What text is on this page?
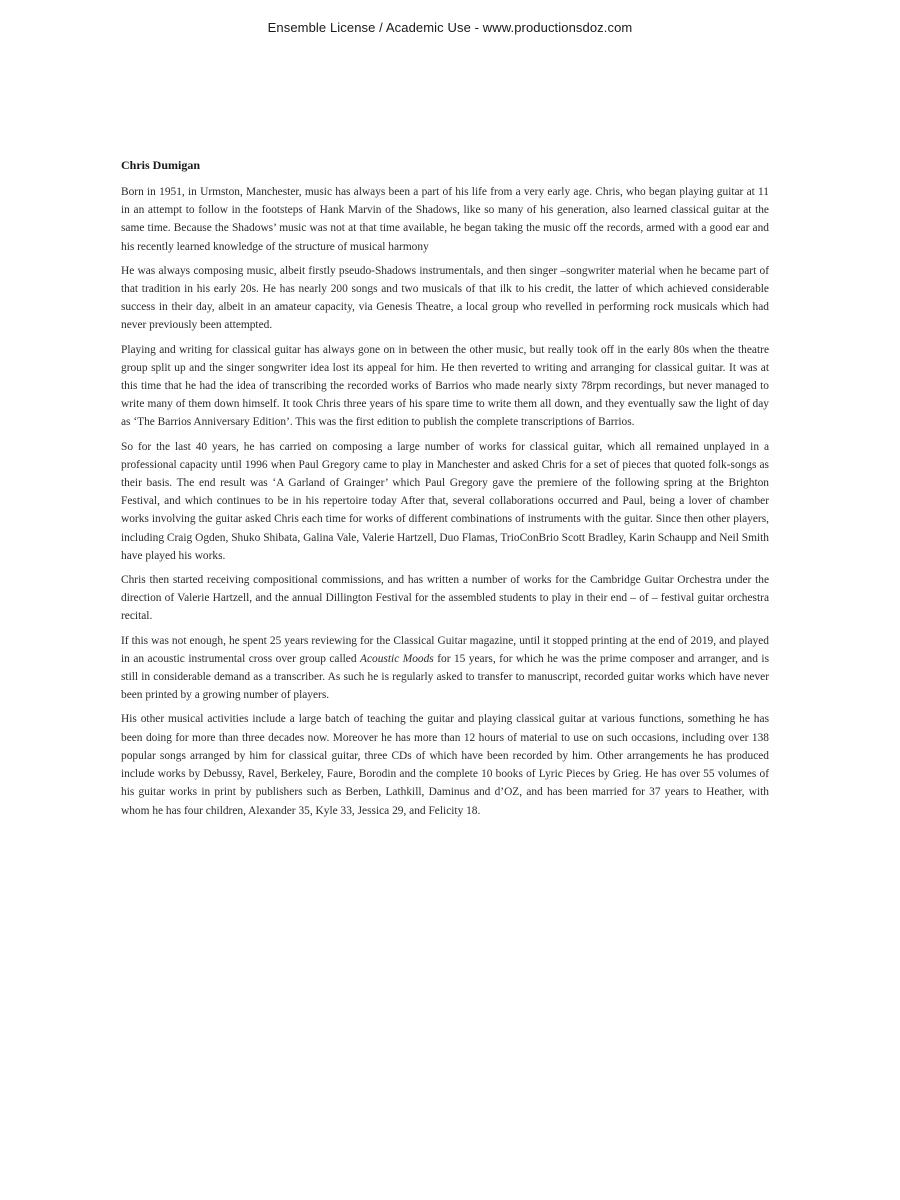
Ensemble License / Academic Use - www.productionsdoz.com
Chris Dumigan

Born in 1951, in Urmston, Manchester, music has always been a part of his life from a very early age. Chris, who began playing guitar at 11 in an attempt to follow in the footsteps of Hank Marvin of the Shadows, like so many of his generation, also learned classical guitar at the same time. Because the Shadows’ music was not at that time available, he began taking the music off the records, armed with a good ear and his recently learned knowledge of the structure of musical harmony

He was always composing music, albeit firstly pseudo-Shadows instrumentals, and then singer –songwriter material when he became part of that tradition in his early 20s. He has nearly 200 songs and two musicals of that ilk to his credit, the latter of which achieved considerable success in their day, albeit in an amateur capacity, via Genesis Theatre, a local group who revelled in performing rock musicals which had never previously been attempted.

Playing and writing for classical guitar has always gone on in between the other music, but really took off in the early 80s when the theatre group split up and the singer songwriter idea lost its appeal for him. He then reverted to writing and arranging for classical guitar. It was at this time that he had the idea of transcribing the recorded works of Barrios who made nearly sixty 78rpm recordings, but never managed to write many of them down himself. It took Chris three years of his spare time to write them all down, and they eventually saw the light of day as ‘The Barrios Anniversary Edition’. This was the first edition to publish the complete transcriptions of Barrios.

So for the last 40 years, he has carried on composing a large number of works for classical guitar, which all remained unplayed in a professional capacity until 1996 when Paul Gregory came to play in Manchester and asked Chris for a set of pieces that quoted folk-songs as their basis. The end result was ‘A Garland of Grainger’ which Paul Gregory gave the premiere of the following spring at the Brighton Festival, and which continues to be in his repertoire today After that, several collaborations occurred and Paul, being a lover of chamber works involving the guitar asked Chris each time for works of different combinations of instruments with the guitar. Since then other players, including Craig Ogden, Shuko Shibata, Galina Vale, Valerie Hartzell, Duo Flamas, TrioConBrio Scott Bradley, Karin Schaupp and Neil Smith have played his works.

Chris then started receiving compositional commissions, and has written a number of works for the Cambridge Guitar Orchestra under the direction of Valerie Hartzell, and the annual Dillington Festival for the assembled students to play in their end – of – festival guitar orchestra recital.

If this was not enough, he spent 25 years reviewing for the Classical Guitar magazine, until it stopped printing at the end of 2019, and played in an acoustic instrumental cross over group called Acoustic Moods for 15 years, for which he was the prime composer and arranger, and is still in considerable demand as a transcriber. As such he is regularly asked to transfer to manuscript, recorded guitar works which have never been printed by a growing number of players.

His other musical activities include a large batch of teaching the guitar and playing classical guitar at various functions, something he has been doing for more than three decades now. Moreover he has more than 12 hours of material to use on such occasions, including over 138 popular songs arranged by him for classical guitar, three CDs of which have been recorded by him. Other arrangements he has produced include works by Debussy, Ravel, Berkeley, Faure, Borodin and the complete 10 books of Lyric Pieces by Grieg. He has over 55 volumes of his guitar works in print by publishers such as Berben, Lathkill, Daminus and d’OZ, and has been married for 37 years to Heather, with whom he has four children, Alexander 35, Kyle 33, Jessica 29, and Felicity 18.
